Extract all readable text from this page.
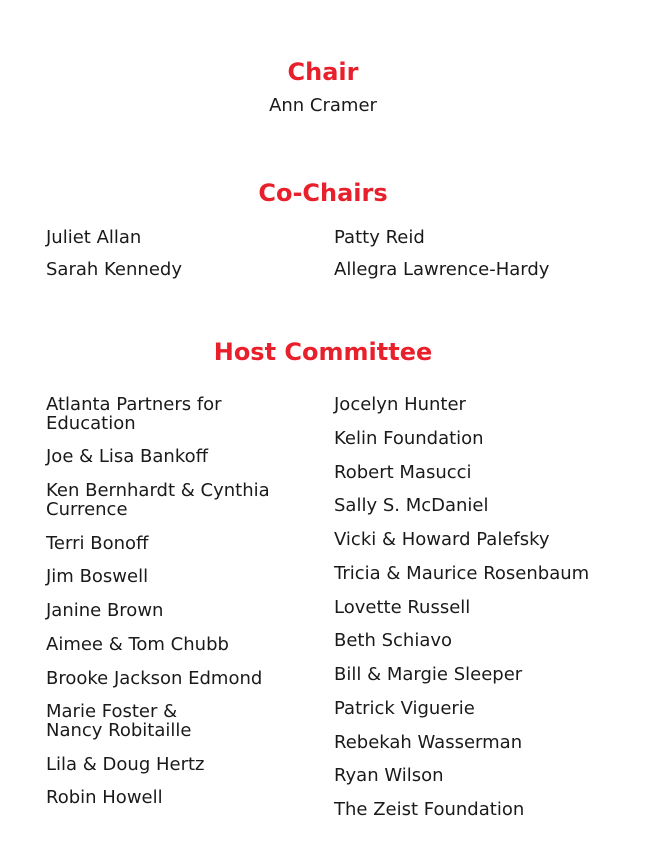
Chair

Ann Cramer

Co-Chairs
Juliet Allan
Sarah Kennedy
Patty Reid
Allegra Lawrence-Hardy
Host Committee
Atlanta Partners for Education
Joe & Lisa Bankoff
Ken Bernhardt & Cynthia Currence
Terri Bonoff
Jim Boswell
Janine Brown
Aimee & Tom Chubb
Brooke Jackson Edmond
Marie Foster & Nancy Robitaille
Lila & Doug Hertz
Robin Howell
Jocelyn Hunter
Kelin Foundation
Robert Masucci
Sally S. McDaniel
Vicki & Howard Palefsky
Tricia & Maurice Rosenbaum
Lovette Russell
Beth Schiavo
Bill & Margie Sleeper
Patrick Viguerie
Rebekah Wasserman
Ryan Wilson
The Zeist Foundation
